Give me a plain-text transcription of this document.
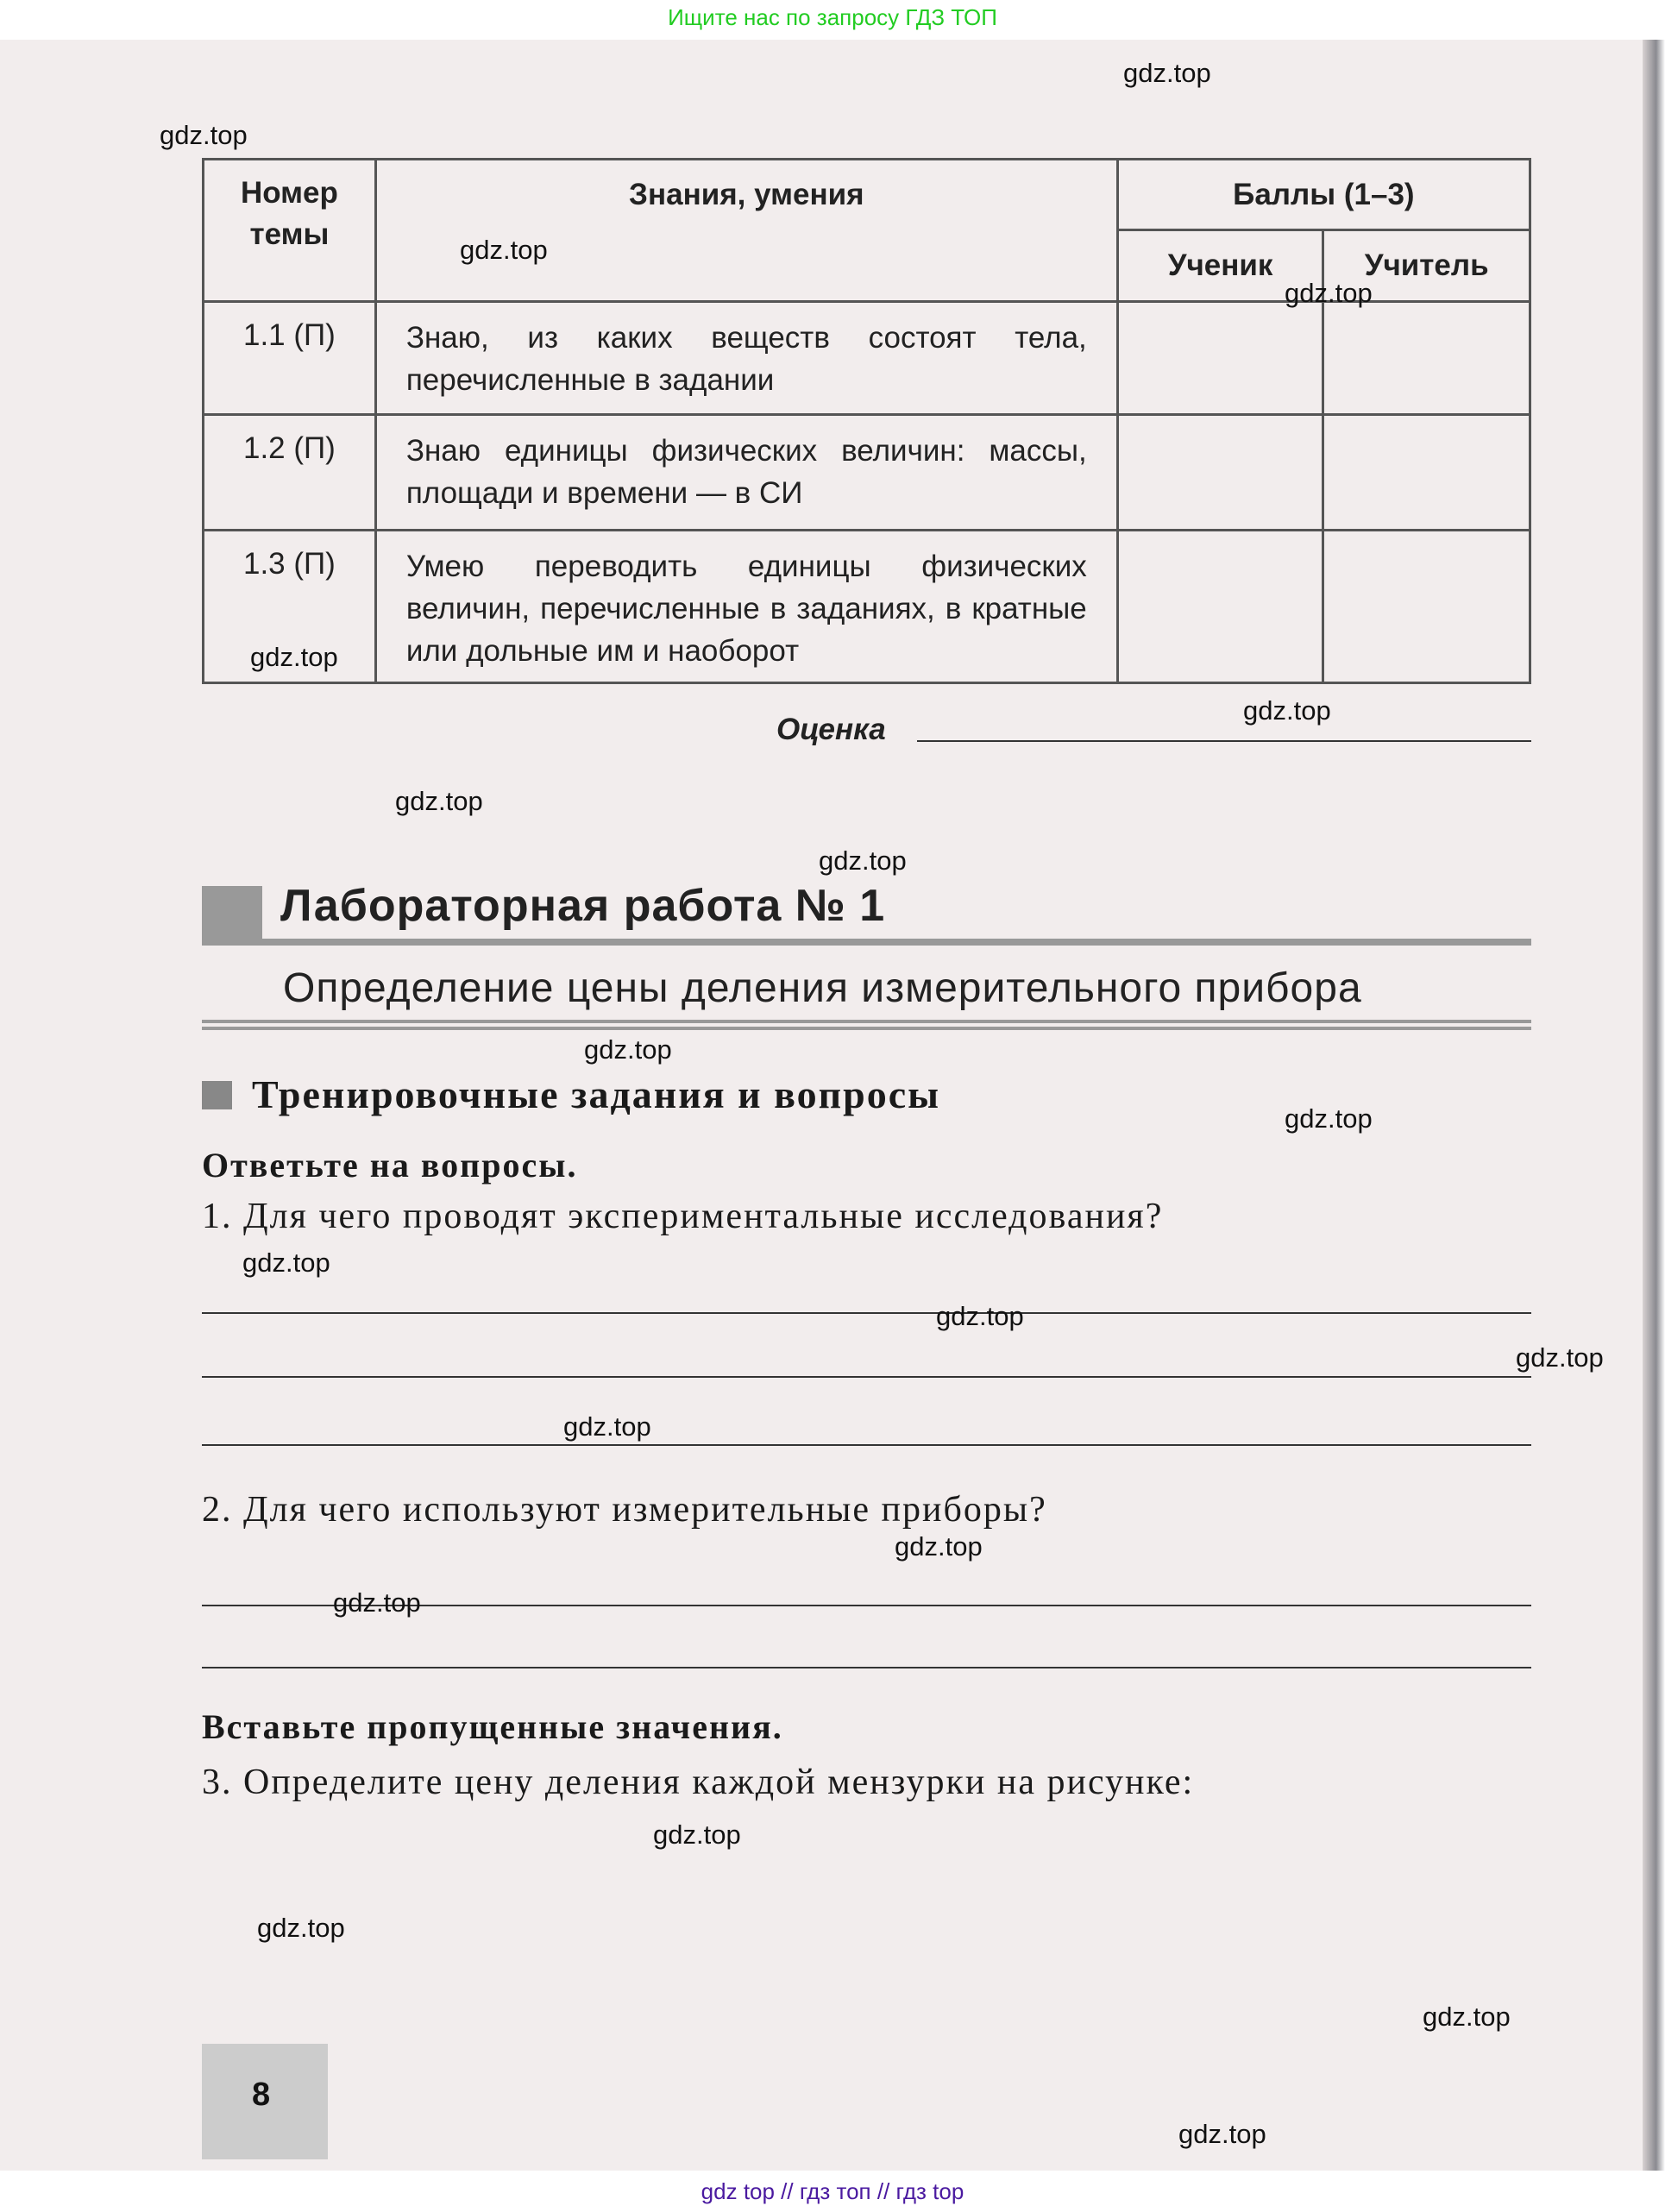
Ищите нас по запросу ГДЗ ТОП
Номер темы	Знания, умения	Баллы (1–3)	
		Ученик	Учитель
1.1 (П)	Знаю, из каких веществ состоят тела, перечисленные в задании		
1.2 (П)	Знаю единицы физических величин: массы, площади и времени — в СИ		
1.3 (П)	Умею переводить единицы физических величин, перечисленные в заданиях, в кратные или дольные им и наоборот		
Оценка
Лабораторная работа № 1
Определение цены деления измерительного прибора
Тренировочные задания и вопросы
Ответьте на вопросы.
1. Для чего проводят экспериментальные исследования?
2. Для чего используют измерительные приборы?
Вставьте пропущенные значения.
3. Определите цену деления каждой мензурки на рисунке:
8
gdz.top
gdz.top
gdz.top
gdz.top
gdz.top
gdz.top
gdz.top
gdz.top
gdz.top
gdz.top
gdz.top
gdz.top
gdz.top
gdz.top
gdz.top
gdz.top
gdz.top
gdz.top
gdz.top
gdz.top
gdz top // гдз топ // гдз top
